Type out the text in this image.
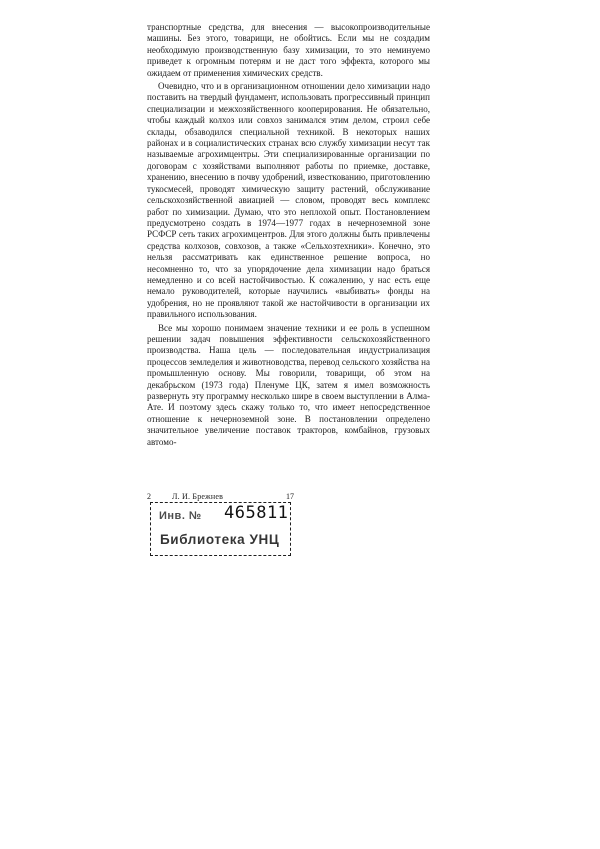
транспортные средства, для внесения — высокопроизводительные машины. Без этого, товарищи, не обойтись. Если мы не создадим необходимую производственную базу химизации, то это неминуемо приведет к огромным потерям и не даст того эффекта, которого мы ожидаем от применения химических средств.

Очевидно, что и в организационном отношении дело химизации надо поставить на твердый фундамент, использовать прогрессивный принцип специализации и межхозяйственного кооперирования. Не обязательно, чтобы каждый колхоз или совхоз занимался этим делом, строил себе склады, обзаводился специальной техникой. В некоторых наших районах и в социалистических странах всю службу химизации несут так называемые агрохимцентры. Эти специализированные организации по договорам с хозяйствами выполняют работы по приемке, доставке, хранению, внесению в почву удобрений, известкованию, приготовлению тукосмесей, проводят химическую защиту растений, обслуживание сельскохозяйственной авиацией — словом, проводят весь комплекс работ по химизации. Думаю, что это неплохой опыт. Постановлением предусмотрено создать в 1974—1977 годах в нечерноземной зоне РСФСР сеть таких агрохимцентров. Для этого должны быть привлечены средства колхозов, совхозов, а также «Сельхозтехники». Конечно, это нельзя рассматривать как единственное решение вопроса, но несомненно то, что за упорядочение дела химизации надо браться немедленно и со всей настойчивостью. К сожалению, у нас есть еще немало руководителей, которые научились «выбивать» фонды на удобрения, но не проявляют такой же настойчивости в организации их правильного использования.

Все мы хорошо понимаем значение техники и ее роль в успешном решении задач повышения эффективности сельскохозяйственного производства. Наша цель — последовательная индустриализация процессов земледелия и животноводства, перевод сельского хозяйства на промышленную основу. Мы говорили, товарищи, об этом на декабрьском (1973 года) Пленуме ЦК, затем я имел возможность развернуть эту программу несколько шире в своем выступлении в Алма-Ате. И поэтому здесь скажу только то, что имеет непосредственное отношение к нечерноземной зоне. В постановлении определено значительное увеличение поставок тракторов, комбайнов, грузовых автомо-

2	Л. И. Брежнев	17
Инв. № 465811
Библиотека УНЦ
